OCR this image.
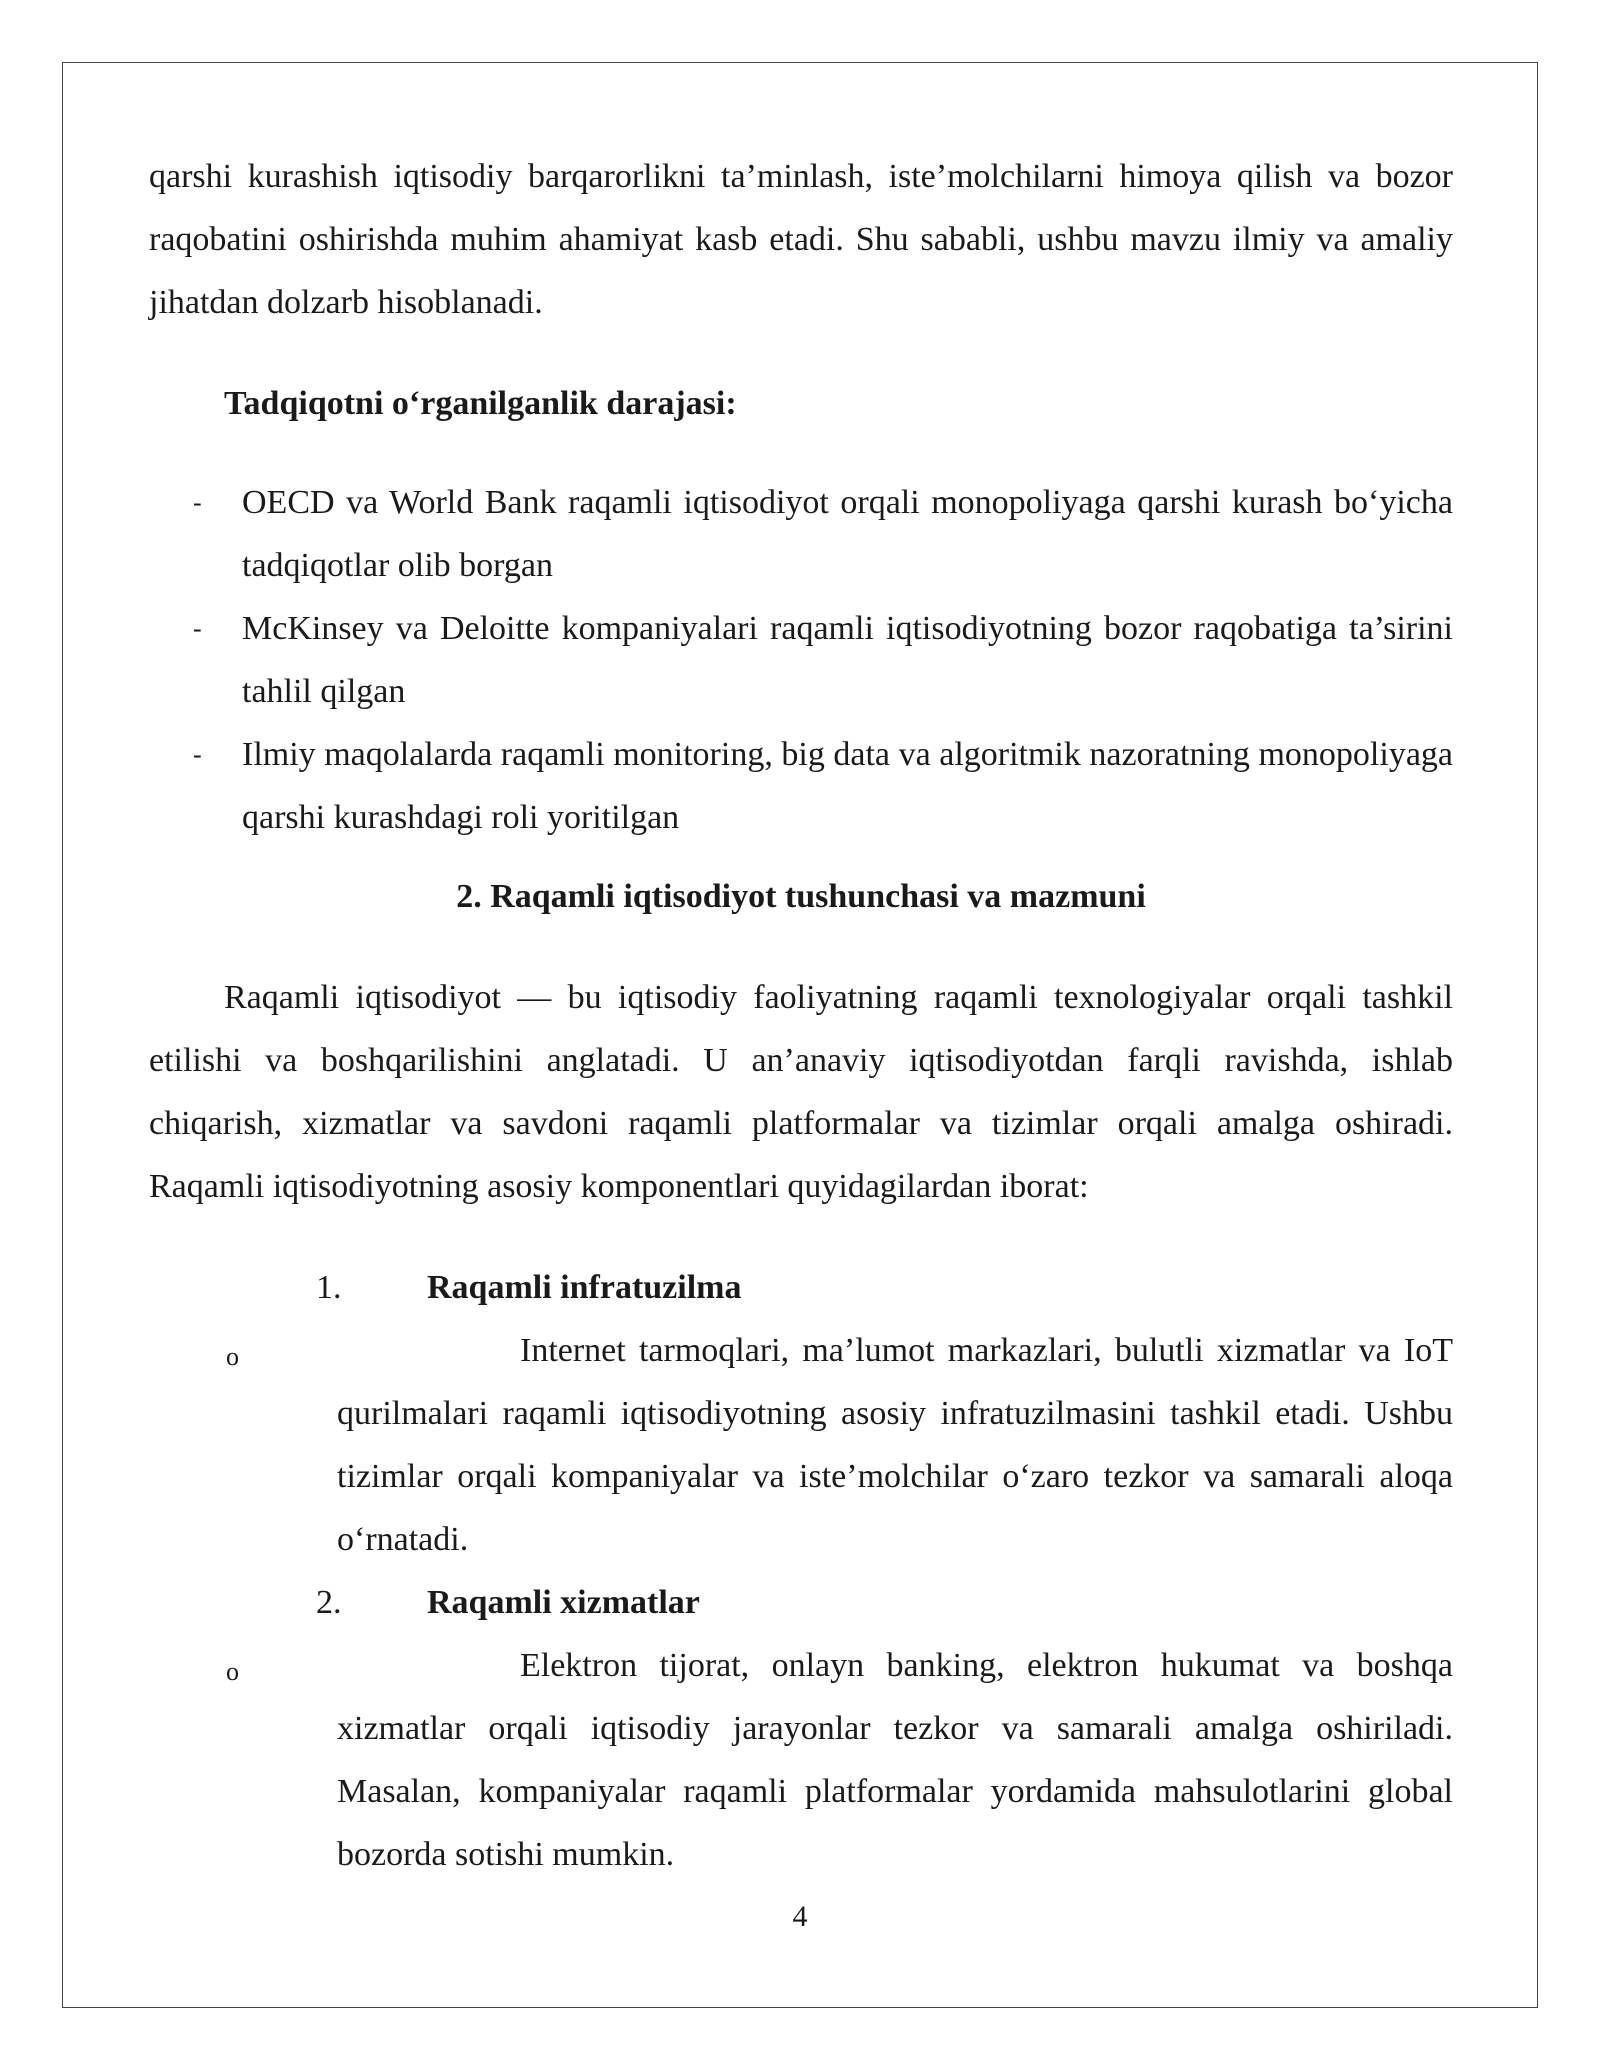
qarshi kurashish iqtisodiy barqarorlikni ta’minlash, iste’molchilarni himoya qilish va bozor raqobatini oshirishda muhim ahamiyat kasb etadi. Shu sababli, ushbu mavzu ilmiy va amaliy jihatdan dolzarb hisoblanadi.

Tadqiqotni o‘rganilganlik darajasi:

- OECD va World Bank raqamli iqtisodiyot orqali monopoliyaga qarshi kurash bo‘yicha tadqiqotlar olib borgan
- McKinsey va Deloitte kompaniyalari raqamli iqtisodiyotning bozor raqobatiga ta’sirini tahlil qilgan
- Ilmiy maqolalarda raqamli monitoring, big data va algoritmik nazoratning monopoliyaga qarshi kurashdagi roli yoritilgan

2. Raqamli iqtisodiyot tushunchasi va mazmuni

Raqamli iqtisodiyot — bu iqtisodiy faoliyatning raqamli texnologiyalar orqali tashkil etilishi va boshqarilishini anglatadi. U an’anaviy iqtisodiyotdan farqli ravishda, ishlab chiqarish, xizmatlar va savdoni raqamli platformalar va tizimlar orqali amalga oshiradi. Raqamli iqtisodiyotning asosiy komponentlari quyidagilardan iborat:

1.	Raqamli infratuzilma
o	Internet tarmoqlari, ma’lumot markazlari, bulutli xizmatlar va IoT qurilmalari raqamli iqtisodiyotning asosiy infratuzilmasini tashkil etadi. Ushbu tizimlar orqali kompaniyalar va iste’molchilar o‘zaro tezkor va samarali aloqa o‘rnatadi.

2.	Raqamli xizmatlar
o	Elektron tijorat, onlayn banking, elektron hukumat va boshqa xizmatlar orqali iqtisodiy jarayonlar tezkor va samarali amalga oshiriladi. Masalan, kompaniyalar raqamli platformalar yordamida mahsulotlarini global bozorda sotishi mumkin.

4
